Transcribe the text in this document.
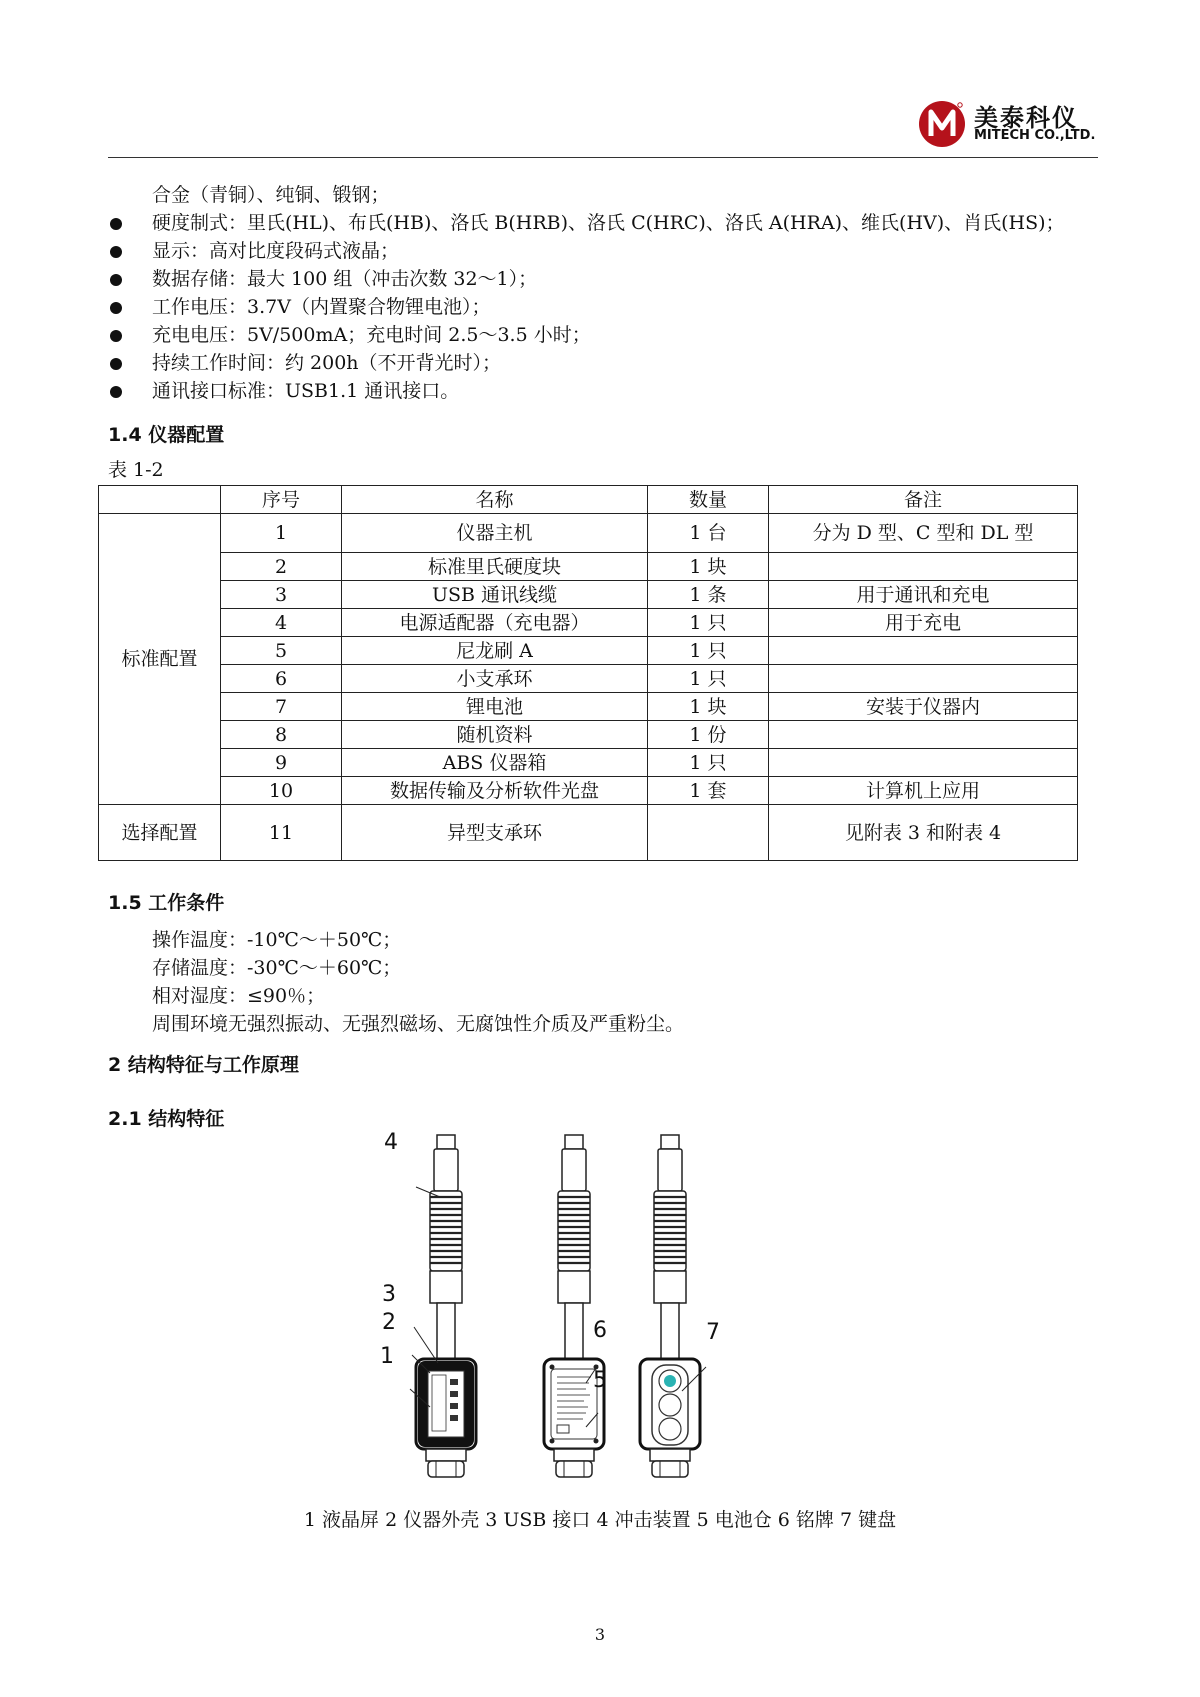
美泰科仪
MITECH CO.,LTD.
合金（青铜）、纯铜、锻钢；
硬度制式：里氏(HL)、布氏(HB)、洛氏 B(HRB)、洛氏 C(HRC)、洛氏 A(HRA)、维氏(HV)、肖氏(HS)；
显示：高对比度段码式液晶；
数据存储：最大 100 组（冲击次数 32～1）；
工作电压：3.7V（内置聚合物锂电池）；
充电电压：5V/500mA；充电时间 2.5～3.5 小时；
持续工作时间：约 200h（不开背光时）；
通讯接口标准：USB1.1 通讯接口。
1.4 仪器配置
表 1-2
	序号	名称	数量	备注
标准配置	1	仪器主机	1 台	分为 D 型、C 型和 DL 型
	2	标准里氏硬度块	1 块	
	3	USB 通讯线缆	1 条	用于通讯和充电
	4	电源适配器（充电器）	1 只	用于充电
	5	尼龙刷 A	1 只	
	6	小支承环	1 只	
	7	锂电池	1 块	安装于仪器内
	8	随机资料	1 份	
	9	ABS 仪器箱	1 只	
	10	数据传输及分析软件光盘	1 套	计算机上应用
选择配置	11	异型支承环		见附表 3 和附表 4
1.5 工作条件
操作温度：-10℃～＋50℃；
存储温度：-30℃～＋60℃；
相对湿度：≤90％；
周围环境无强烈振动、无强烈磁场、无腐蚀性介质及严重粉尘。
2 结构特征与工作原理
2.1 结构特征
4
3
2
1
6
5
7
1 液晶屏 2 仪器外壳 3 USB 接口 4 冲击装置 5 电池仓 6 铭牌 7 键盘
3
